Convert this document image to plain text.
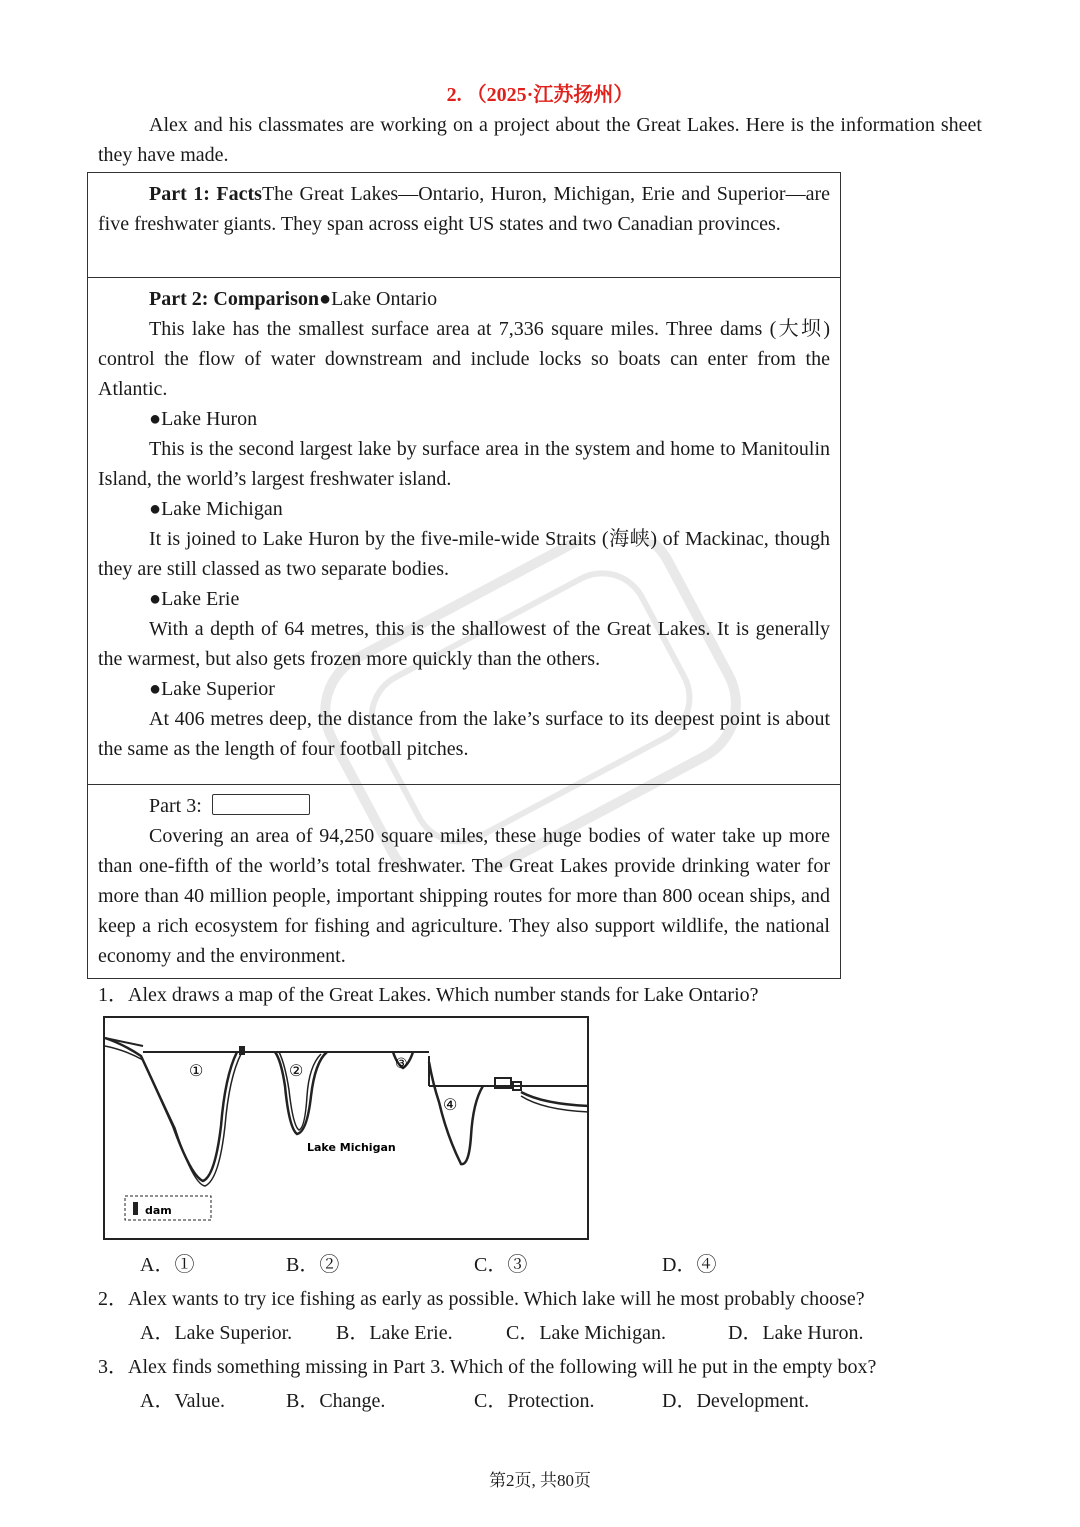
2. （2025·江苏扬州）

Alex and his classmates are working on a project about the Great Lakes. Here is the information sheet they have made.

Part 1: FactsThe Great Lakes—Ontario, Huron, Michigan, Erie and Superior—are five freshwater giants. They span across eight US states and two Canadian provinces.

Part 2: Comparison●Lake Ontario

This lake has the smallest surface area at 7,336 square miles. Three dams (大坝) control the flow of water downstream and include locks so boats can enter from the Atlantic.

●Lake Huron

This is the second largest lake by surface area in the system and home to Manitoulin Island, the world’s largest freshwater island.

●Lake Michigan

It is joined to Lake Huron by the five-mile-wide Straits (海峡) of Mackinac, though they are still classed as two separate bodies.

●Lake Erie

With a depth of 64 metres, this is the shallowest of the Great Lakes. It is generally the warmest, but also gets frozen more quickly than the others.

●Lake Superior

At 406 metres deep, the distance from the lake’s surface to its deepest point is about the same as the length of four football pitches.

Part 3:

Covering an area of 94,250 square miles, these huge bodies of water take up more than one-fifth of the world’s total freshwater. The Great Lakes provide drinking water for more than 40 million people, important shipping routes for more than 800 ocean ships, and keep a rich ecosystem for fishing and agriculture. They also support wildlife, the national economy and the environment.

1．Alex draws a map of the Great Lakes. Which number stands for Lake Ontario?

①	②	③
④
Lake Michigan
dam
A．①	B．②	C．③	D．④

2．Alex wants to try ice fishing as early as possible. Which lake will he most probably choose?

A．Lake Superior. B．Lake Erie.	C．Lake Michigan.	D．Lake Huron.

3．Alex finds something missing in Part 3. Which of the following will he put in the empty box?

A．Value.	B．Change.	C．Protection.	D．Development.
第2页, 共80页
